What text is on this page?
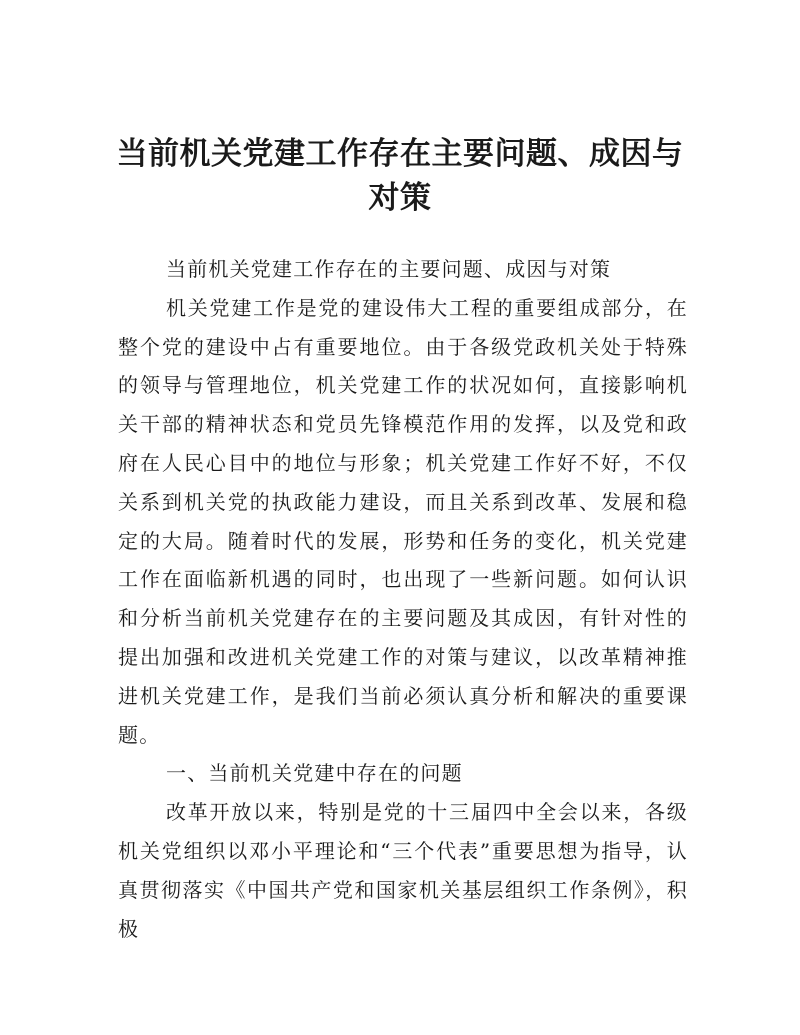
当前机关党建工作存在主要问题、成因与对策

当前机关党建工作存在的主要问题、成因与对策

机关党建工作是党的建设伟大工程的重要组成部分，在整个党的建设中占有重要地位。由于各级党政机关处于特殊的领导与管理地位，机关党建工作的状况如何，直接影响机关干部的精神状态和党员先锋模范作用的发挥，以及党和政府在人民心目中的地位与形象；机关党建工作好不好，不仅关系到机关党的执政能力建设，而且关系到改革、发展和稳定的大局。随着时代的发展，形势和任务的变化，机关党建工作在面临新机遇的同时，也出现了一些新问题。如何认识和分析当前机关党建存在的主要问题及其成因，有针对性的提出加强和改进机关党建工作的对策与建议，以改革精神推进机关党建工作，是我们当前必须认真分析和解决的重要课题。

一、当前机关党建中存在的问题

改革开放以来，特别是党的十三届四中全会以来，各级机关党组织以邓小平理论和“三个代表”重要思想为指导，认真贯彻落实《中国共产党和国家机关基层组织工作条例》，积极
